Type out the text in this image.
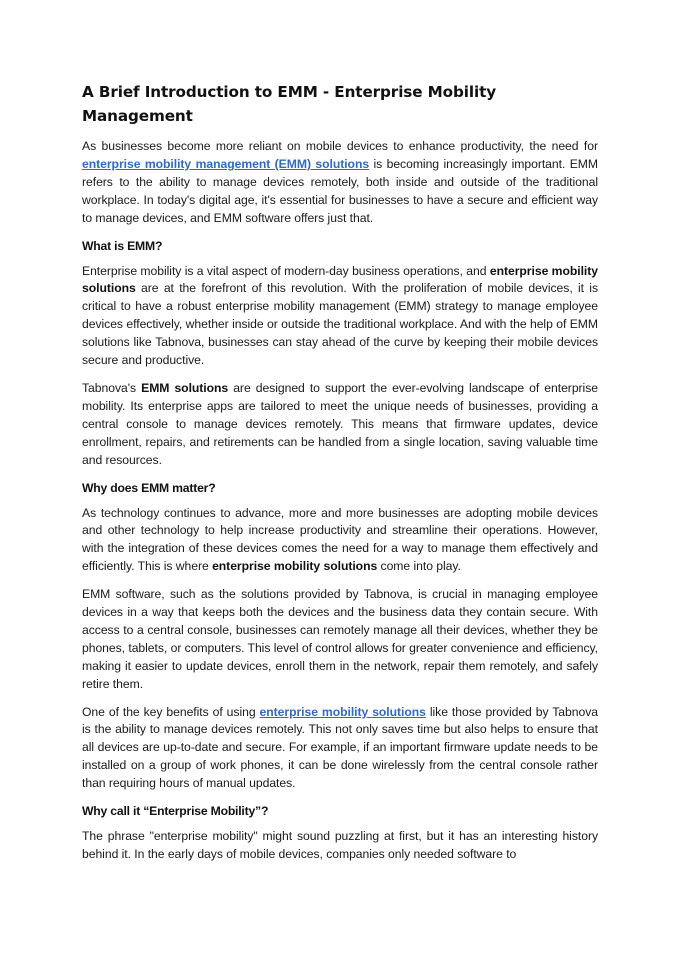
A Brief Introduction to EMM - Enterprise Mobility Management

As businesses become more reliant on mobile devices to enhance productivity, the need for enterprise mobility management (EMM) solutions is becoming increasingly important. EMM refers to the ability to manage devices remotely, both inside and outside of the traditional workplace. In today's digital age, it's essential for businesses to have a secure and efficient way to manage devices, and EMM software offers just that.

What is EMM?

Enterprise mobility is a vital aspect of modern-day business operations, and enterprise mobility solutions are at the forefront of this revolution. With the proliferation of mobile devices, it is critical to have a robust enterprise mobility management (EMM) strategy to manage employee devices effectively, whether inside or outside the traditional workplace. And with the help of EMM solutions like Tabnova, businesses can stay ahead of the curve by keeping their mobile devices secure and productive.

Tabnova's EMM solutions are designed to support the ever-evolving landscape of enterprise mobility. Its enterprise apps are tailored to meet the unique needs of businesses, providing a central console to manage devices remotely. This means that firmware updates, device enrollment, repairs, and retirements can be handled from a single location, saving valuable time and resources.

Why does EMM matter?

As technology continues to advance, more and more businesses are adopting mobile devices and other technology to help increase productivity and streamline their operations. However, with the integration of these devices comes the need for a way to manage them effectively and efficiently. This is where enterprise mobility solutions come into play.

EMM software, such as the solutions provided by Tabnova, is crucial in managing employee devices in a way that keeps both the devices and the business data they contain secure. With access to a central console, businesses can remotely manage all their devices, whether they be phones, tablets, or computers. This level of control allows for greater convenience and efficiency, making it easier to update devices, enroll them in the network, repair them remotely, and safely retire them.

One of the key benefits of using enterprise mobility solutions like those provided by Tabnova is the ability to manage devices remotely. This not only saves time but also helps to ensure that all devices are up-to-date and secure. For example, if an important firmware update needs to be installed on a group of work phones, it can be done wirelessly from the central console rather than requiring hours of manual updates.

Why call it “Enterprise Mobility”?

The phrase "enterprise mobility" might sound puzzling at first, but it has an interesting history behind it. In the early days of mobile devices, companies only needed software to
